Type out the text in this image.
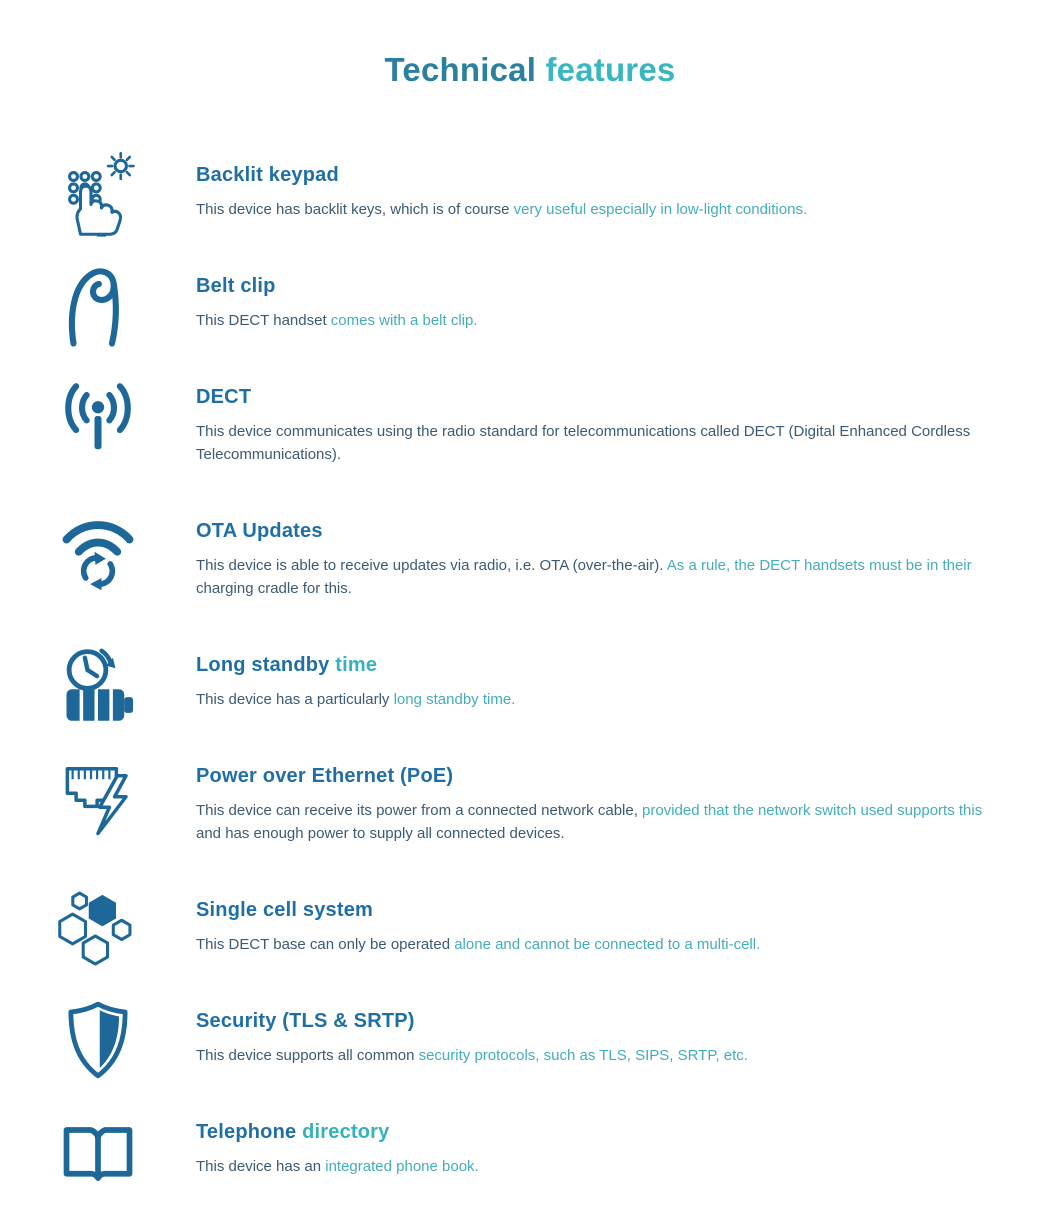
Technical features
Backlit keypad

This device has backlit keys, which is of course very useful especially in low-light conditions.

Belt clip

This DECT handset comes with a belt clip.

DECT

This device communicates using the radio standard for telecommunications called DECT (Digital Enhanced Cordless Telecommunications).

OTA Updates

This device is able to receive updates via radio, i.e. OTA (over-the-air). As a rule, the DECT handsets must be in their charging cradle for this.

Long standby time

This device has a particularly long standby time.

Power over Ethernet (PoE)

This device can receive its power from a connected network cable, provided that the network switch used supports this and has enough power to supply all connected devices.

Single cell system

This DECT base can only be operated alone and cannot be connected to a multi-cell.

Security (TLS & SRTP)

This device supports all common security protocols, such as TLS, SIPS, SRTP, etc.

Telephone directory

This device has an integrated phone book.
